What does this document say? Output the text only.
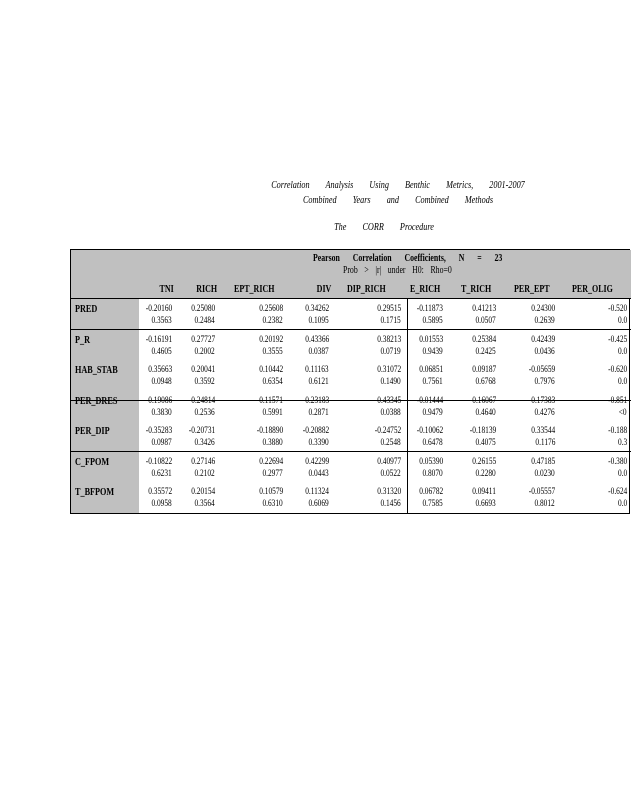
Correlation Analysis Using Benthic Metrics, 2001-2007
Combined Years and Combined Methods
The CORR Procedure
Pearson Correlation Coefficients, N = 23
Prob > |r| under H0: Rho=0
TNI RICH EPT_RICH	DIV DIP_RICH E_RICH T_RICH PER_EPT PER_OLIG
PRED	-0.20160 0.25080	0.25608 0.34262	0.29515 -0.11873	0.41213	0.24300	-0.520
0.3563	0.2484	0.2382	0.1095	0.1715 0.5895	0.0507	0.2639	0.0
P_R	-0.16191 0.27727	0.20192 0.43366	0.38213 0.01553	0.25384	0.42439	-0.425
0.4605	0.2002	0.3555	0.0387	0.0719 0.9439	0.2425	0.0436	0.0
HAB_STAB	0.35663 0.20041	0.10442	0.11163	0.31072 0.06851	0.09187	-0.05659	-0.620
0.0948	0.3592	0.6354	0.6121	0.1490 0.7561	0.6768	0.7976	0.0
PER_DRES	0.19086 0.24814	0.11571 0.23183	0.43345 -0.01444	0.16067	0.17383	-0.851
0.3830	0.2536	0.5991	0.2871	0.0388 0.9479	0.4640	0.4276	<0
PER_DIP	-0.35283 -0.20731	-0.18890 -0.20882	-0.24752 -0.10062	-0.18139	0.33544	-0.188
0.0987	0.3426	0.3880	0.3390	0.2548 0.6478	0.4075	0.1176	0.3
C_FPOM	-0.10822 0.27146	0.22694 0.42299	0.40977 0.05390	0.26155	0.47185	-0.380
0.6231	0.2102	0.2977	0.0443	0.0522 0.8070	0.2280	0.0230	0.0
T_BFPOM	0.35572 0.20154	0.10579 0.11324	0.31320 0.06782	0.09411	-0.05557	-0.624
0.0958	0.3564	0.6310	0.6069	0.1456 0.7585	0.6693	0.8012	0.0
